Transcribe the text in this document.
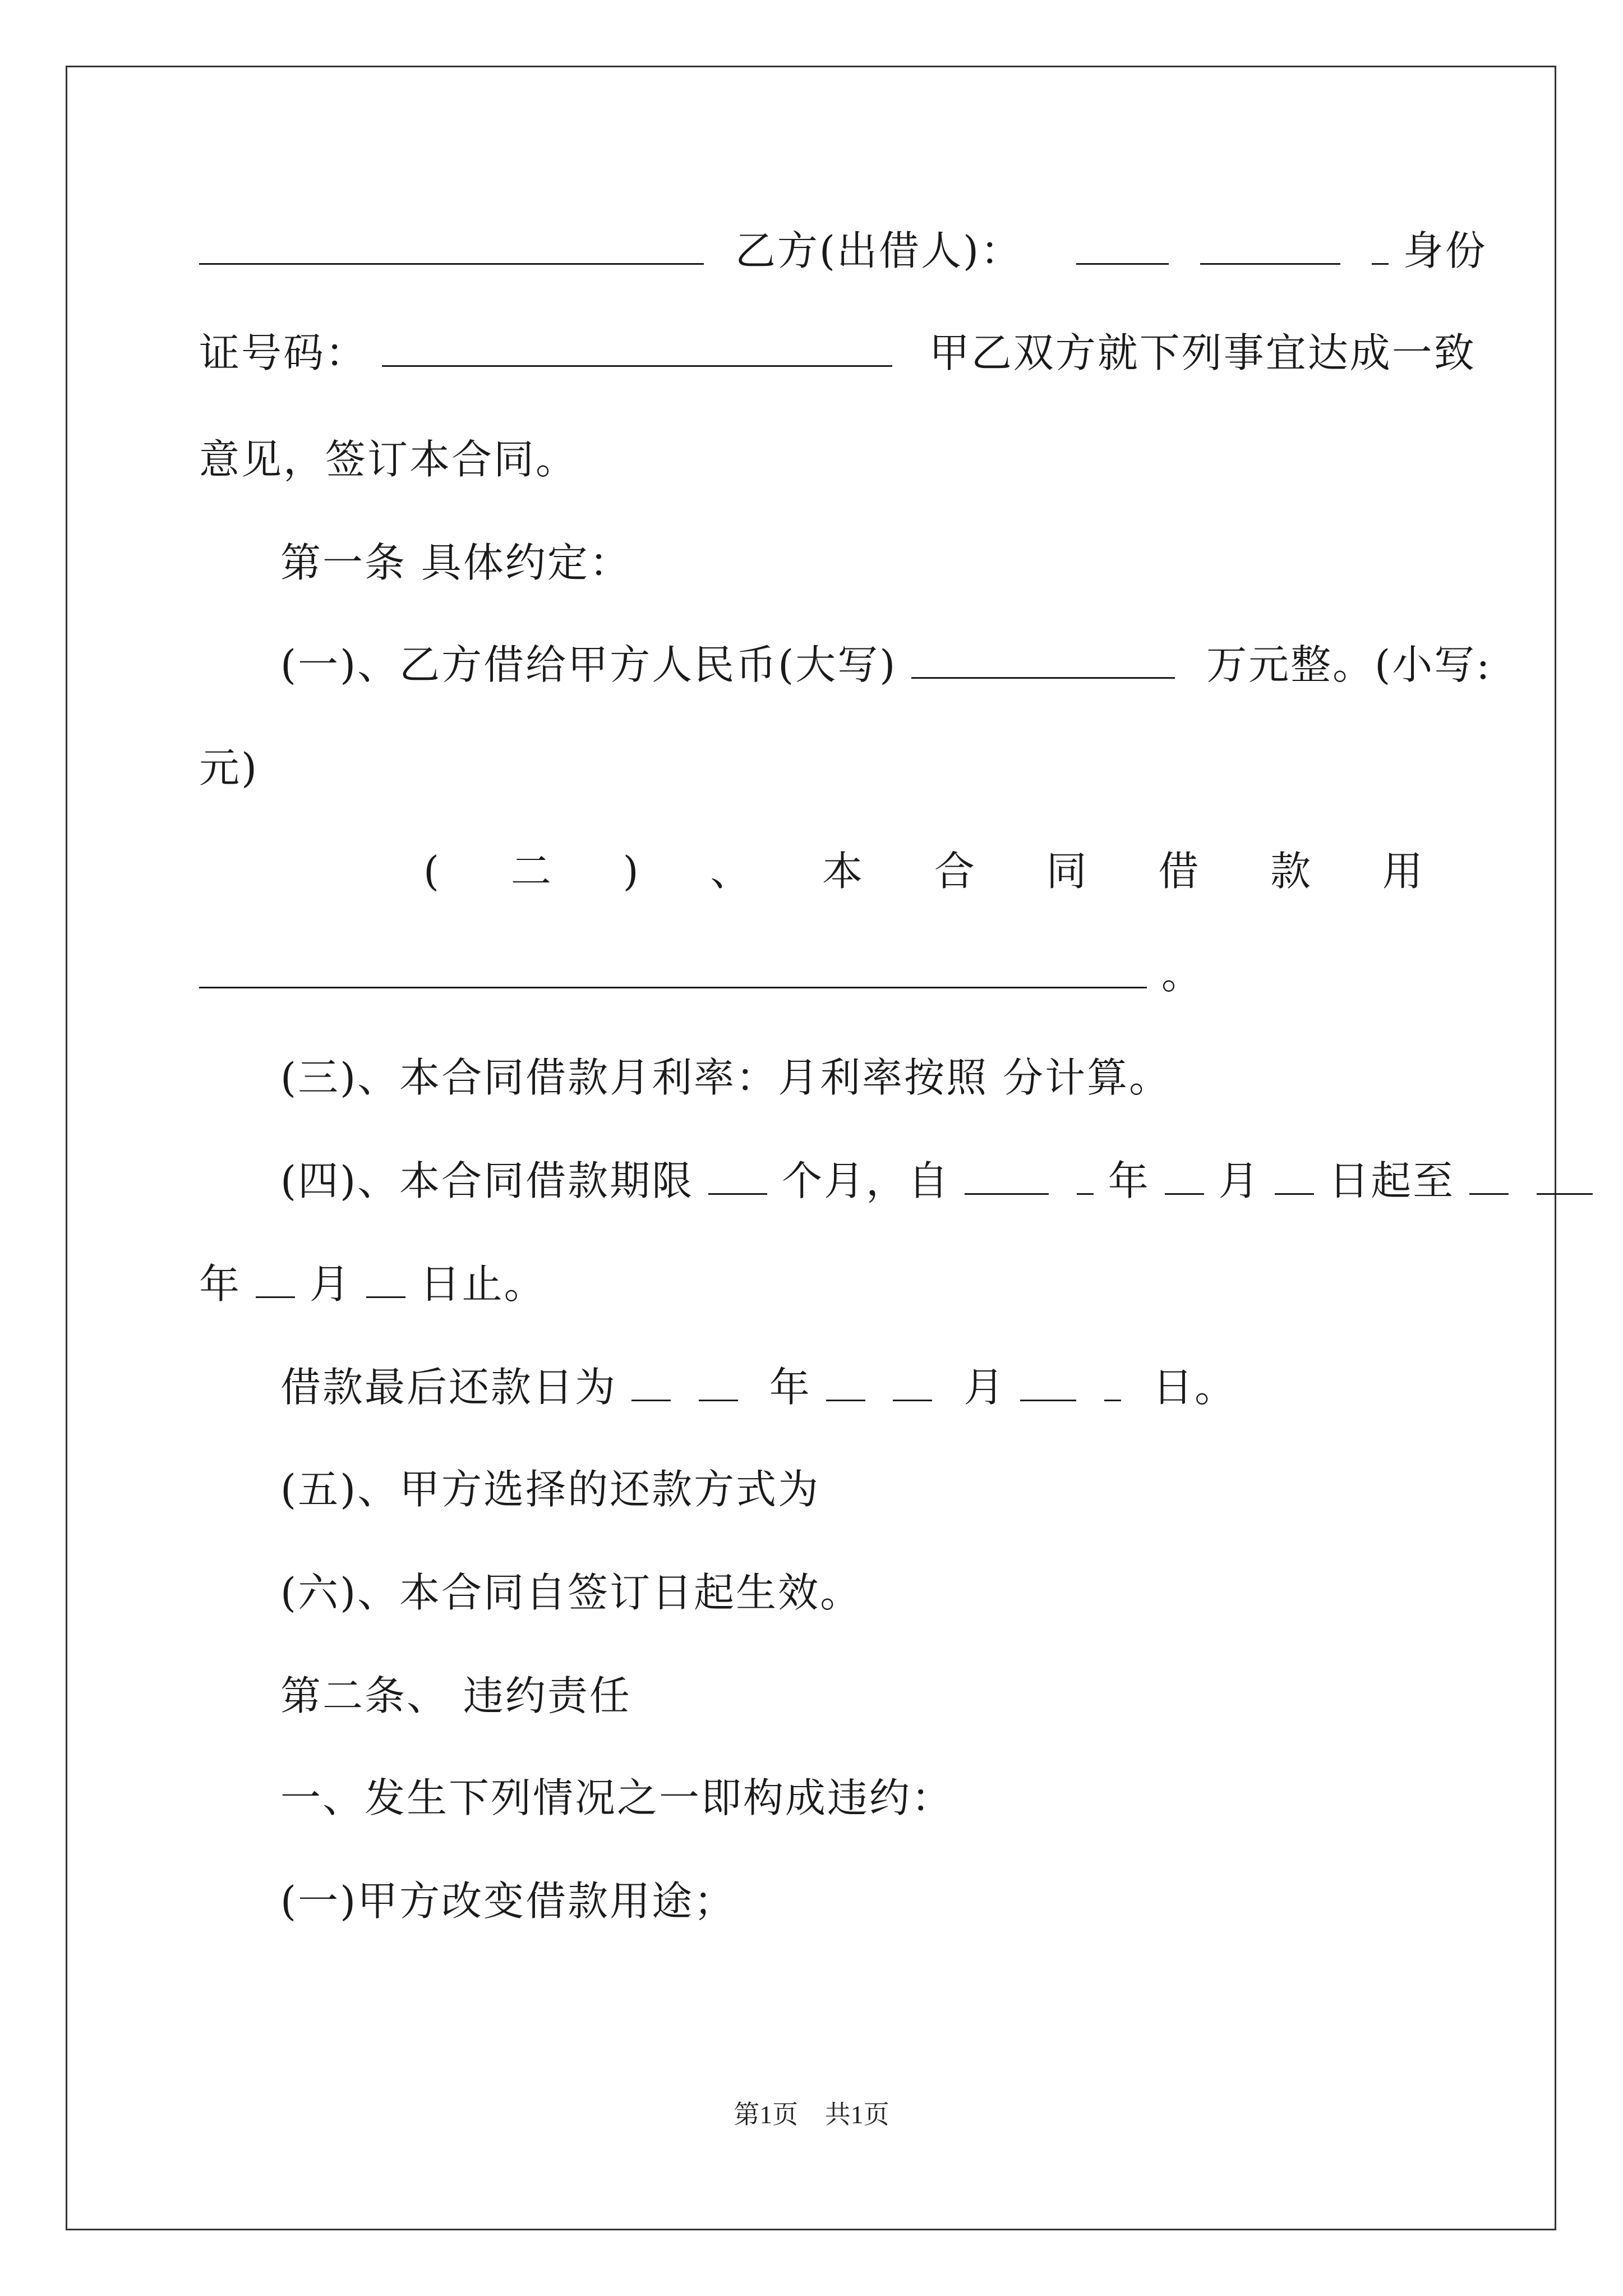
乙方(出借人)：	身份
证号码：	甲乙双方就下列事宜达成一致
意见，签订本合同。
第一条 具体约定：
(一)、乙方借给甲方人民币(大写)	万元整。(小写:
元)
( 二 ) 、 本 合 同 借 款 用
。
(三)、本合同借款月利率：月利率按照 分计算。
(四)、本合同借款期限 个月，自	年 月 日起至
年 月 日止。
借款最后还款日为	年	月	日。
(五)、甲方选择的还款方式为
(六)、本合同自签订日起生效。
第二条、 违约责任
一、发生下列情况之一即构成违约：
(一)甲方改变借款用途；
第1页 共1页
